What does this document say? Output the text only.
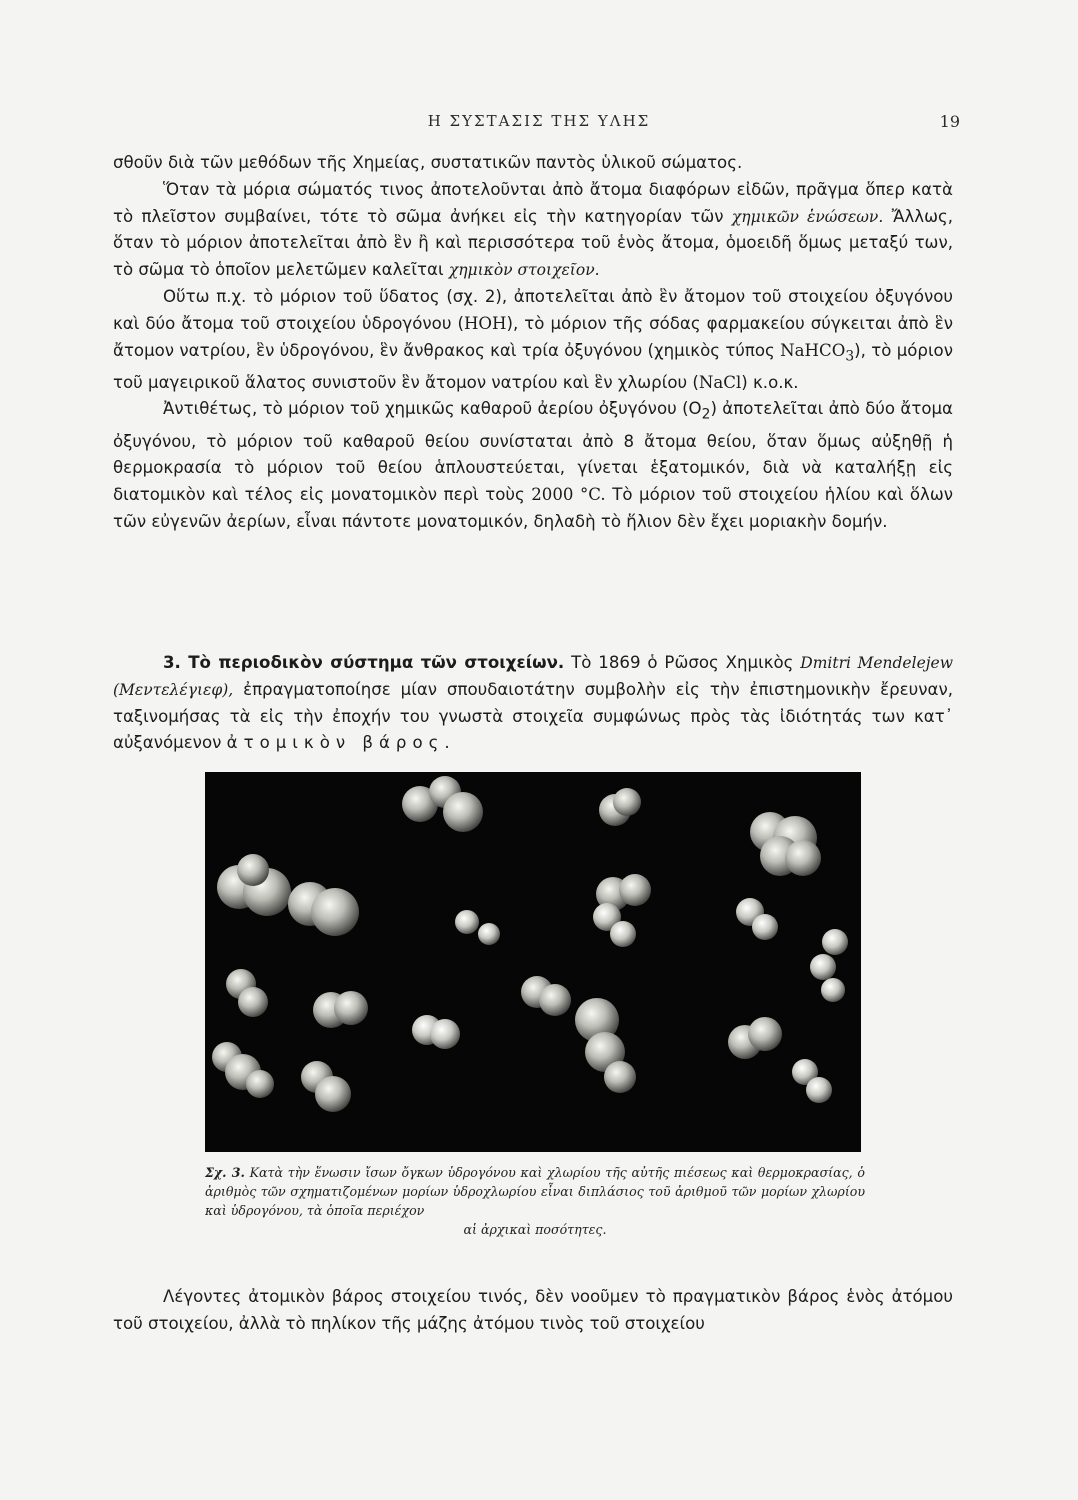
Η ΣΥΣΤΑΣΙΣ ΤΗΣ ΥΛΗΣ	19

σθοῦν διὰ τῶν μεθόδων τῆς Χημείας, συστατικῶν παντὸς ὑλικοῦ σώματος.

Ὅταν τὰ μόρια σώματός τινος ἀποτελοῦνται ἀπὸ ἄτομα διαφόρων εἰδῶν, πρᾶγμα ὅπερ κατὰ τὸ πλεῖστον συμβαίνει, τότε τὸ σῶμα ἀνήκει εἰς τὴν κατηγορίαν τῶν χημικῶν ἑνώσεων. Ἄλλως, ὅταν τὸ μόριον ἀποτελεῖται ἀπὸ ἓν ἢ καὶ περισσότερα τοῦ ἑνὸς ἄτομα, ὁμοειδῆ ὅμως μεταξύ των, τὸ σῶμα τὸ ὁποῖον μελετῶμεν καλεῖται χημικὸν στοιχεῖον.

Οὕτω π.χ. τὸ μόριον τοῦ ὕδατος (σχ. 2), ἀποτελεῖται ἀπὸ ἓν ἄτομον τοῦ στοιχείου ὀξυγόνου καὶ δύο ἄτομα τοῦ στοιχείου ὑδρογόνου (HOH), τὸ μόριον τῆς σόδας φαρμακείου σύγκειται ἀπὸ ἓν ἄτομον νατρίου, ἓν ὑδρογόνου, ἓν ἄνθρακος καὶ τρία ὀξυγόνου (χημικὸς τύπος NaHCO$_3$), τὸ μόριον τοῦ μαγειρικοῦ ἅλατος συνιστοῦν ἓν ἄτομον νατρίου καὶ ἓν χλωρίου (NaCl) κ.ο.κ.

Ἀντιθέτως, τὸ μόριον τοῦ χημικῶς καθαροῦ ἀερίου ὀξυγόνου $(O_2)$ ἀποτελεῖται ἀπὸ δύο ἄτομα ὀξυγόνου, τὸ μόριον τοῦ καθαροῦ θείου συνίσταται ἀπὸ 8 ἄτομα θείου, ὅταν ὅμως αὐξηθῇ ἡ θερμοκρασία τὸ μόριον τοῦ θείου ἁπλουστεύεται, γίνεται ἑξατομικόν, διὰ νὰ καταλήξῃ εἰς διατομικὸν καὶ τέλος εἰς μονατομικὸν περὶ τοὺς 2000 °C. Τὸ μόριον τοῦ στοιχείου ἡλίου καὶ ὅλων τῶν εὐγενῶν ἀερίων, εἶναι πάντοτε μονατομικόν, δηλαδὴ τὸ ἥλιον δὲν ἔχει μοριακὴν δομήν.

3. Τὸ περιοδικὸν σύστημα τῶν στοιχείων. Τὸ 1869 ὁ Ρῶσος Χημικὸς Dmitri Mendelejew (Μεντελέγιεφ), ἐπραγματοποίησε μίαν σπουδαιοτάτην συμβολὴν εἰς τὴν ἐπιστημονικὴν ἔρευναν, ταξινομήσας τὰ εἰς τὴν ἐποχήν του γνωστὰ στοιχεῖα συμφώνως πρὸς τὰς ἰδιότητάς των κατ᾽ αὐξανόμενον ἀτομικὸν βάρος.

Σχ. 3. Κατὰ τὴν ἕνωσιν ἴσων ὄγκων ὑδρογόνου καὶ χλωρίου τῆς αὐτῆς πιέσεως καὶ θερμοκρασίας, ὁ ἀριθμὸς τῶν σχηματιζομένων μορίων ὑδροχλωρίου εἶναι διπλάσιος τοῦ ἀριθμοῦ τῶν μορίων χλωρίου καὶ ὑδρογόνου, τὰ ὁποῖα περιέχον
αἱ ἀρχικαὶ ποσότητες.

Λέγοντες ἀτομικὸν βάρος στοιχείου τινός, δὲν νοοῦμεν τὸ πραγματικὸν βάρος ἑνὸς ἀτόμου τοῦ στοιχείου, ἀλλὰ τὸ πηλίκον τῆς μάζης ἀτόμου τινὸς τοῦ στοιχείου
